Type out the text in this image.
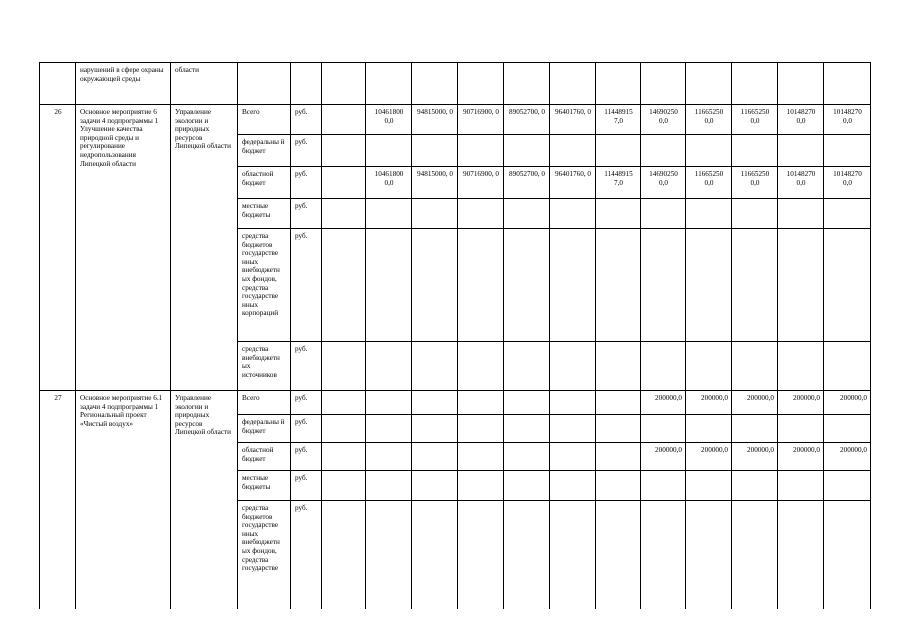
	нарушений в сфере охраны окружающей среды	области														
26	Основное мероприятие 6 задачи 4 подпрограммы 1 Улучшение качества природной среды и регулирование недропользования Липецкой области	Управление экологии и природных ресурсов Липецкой области	Всего	руб.		10461800 0,0	94815000, 0	90716900, 0	89052700, 0	96401760, 0	11448915 7,0	14690250 0,0	11665250 0,0	11665250 0,0	10148270 0,0	10148270 0,0
			федеральны й бюджет	руб.												
			областной бюджет	руб.		10461800 0,0	94815000, 0	90716900, 0	89052700, 0	96401760, 0	11448915 7,0	14690250 0,0	11665250 0,0	11665250 0,0	10148270 0,0	10148270 0,0
			местные бюджеты	руб.												
			средства бюджетов государстве нных внебюджетн ых фондов, средства государстве нных корпораций	руб.												
			средства внебюджетн ых источников	руб.												
27	Основное мероприятие 6.1 задачи 4 подпрограммы 1 Региональный проект «Чистый воздух»	Управление экологии и природных ресурсов Липецкой области	Всего	руб.								200000,0	200000,0	200000,0	200000,0	200000,0
			федеральны й бюджет	руб.												
			областной бюджет	руб.								200000,0	200000,0	200000,0	200000,0	200000,0
			местные бюджеты	руб.												
			средства бюджетов государстве нных внебюджетн ых фондов, средства государстве	руб.												
